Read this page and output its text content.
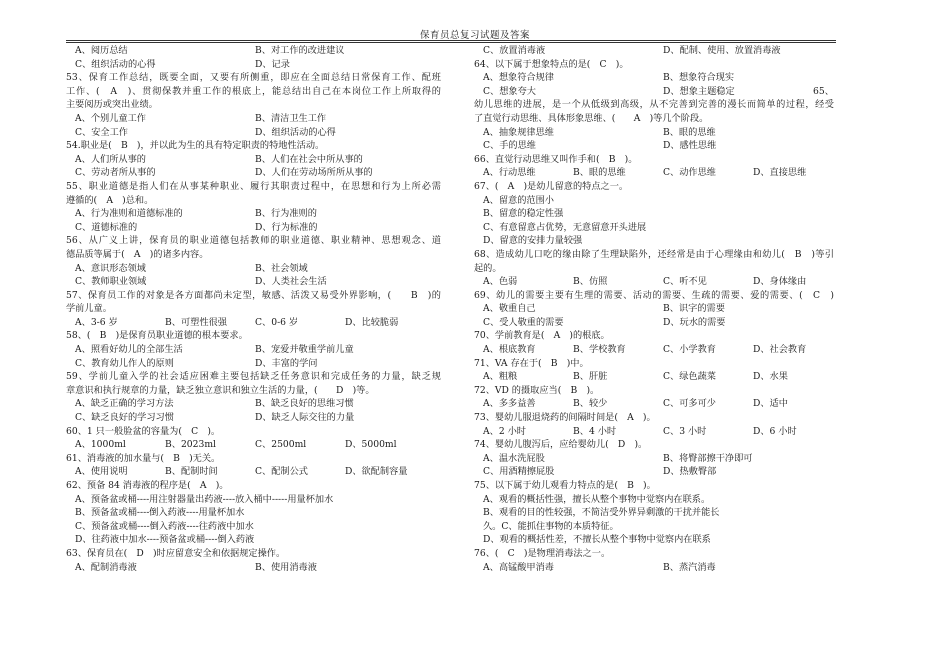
保育员总复习试题及答案
A、阅历总结	B、对工作的改进建议
C、组织活动的心得	D、记录
53、保育工作总结，既要全面，又要有所侧重，即应在全面总结日常保育工作、配班
工作、(　A　)、贯彻保教并重工作的根底上，能总结出自己在本岗位工作上所取得的
主要阅历或突出业绩。
A、个别儿童工作	B、清洁卫生工作
C、安全工作	D、组织活动的心得
54.职业是(　B　)，并以此为生的具有特定职责的特地性活动。
A、人们所从事的	B、人们在社会中所从事的
C、劳动者所从事的	D、人们在劳动场所所从事的
55、职业道德是指人们在从事某种职业、履行其职责过程中，在思想和行为上所必需
遵循的(　A　)总和。
A、行为准则和道德标准的	B、行为准则的
C、道德标准的	D、行为标准的
56、从广义上讲，保育员的职业道德包括教师的职业道德、职业精神、思想观念、道
德品质等属于(　A　)的诸多内容。
A、意识形态领域	B、社会领域
C、教师职业领域	D、人类社会生活
57、保育员工作的对象是各方面都尚未定型，敏感、活泼又易受外界影响，(　　B　)的
学前儿童。
A、3-6 岁	B、可塑性很强	C、0-6 岁	D、比较脆弱
58、(　B　)是保育员职业道德的根本要求。
A、照看好幼儿的全部生活	B、宠爱并敬重学前儿童
C、教育幼儿作人的原则	D、丰富的学问
59、学前儿童入学的社会适应困难主要包括缺乏任务意识和完成任务的力量，缺乏规
章意识和执行规章的力量，缺乏独立意识和独立生活的力量，(　　D　)等。
A、缺乏正确的学习方法	B、缺乏良好的思维习惯
C、缺乏良好的学习习惯	D、缺乏人际交往的力量
60、1 只一般脸盆的容量为(　C　)。
A、1000ml	B、2023ml	C、2500ml	D、5000ml
61、消毒液的加水量与(　B　)无关。
A、使用说明	B、配制时间	C、配制公式	D、欲配制容量
62、预备 84 消毒液的程序是(　A　)。
A、预备盆或桶----用注射器量出药液----放入桶中-----用量杯加水
B、预备盆或桶----倒入药液----用量杯加水
C、预备盆或桶----倒入药液----往药液中加水
D、往药液中加水----预备盆或桶----倒入药液
63、保育员在(　D　)时应留意安全和依据规定操作。
A、配制消毒液	B、使用消毒液
C、放置消毒液	D、配制、使用、放置消毒液
64、以下属于想象特点的是(　C　)。
A、想象符合规律	B、想象符合现实
C、想象夸大	D、想象主题稳定	65、
幼儿思维的进展，是一个从低级到高级，从不完善到完善的漫长而简单的过程，经受
了直觉行动思维、具体形象思维、(　　A　)等几个阶段。
A、抽象规律思维	B、眼的思维
C、手的思维	D、感性思维
66、直觉行动思维又叫作手和(　B　)。
A、行动思维	B、眼的思维	C、动作思维	D、直接思维
67、(　A　)是幼儿留意的特点之一。
A、留意的范围小
B、留意的稳定性强
C、有意留意占优势，无意留意开头进展
D、留意的安排力量较强
68、造成幼儿口吃的缘由除了生理缺陷外，还经常是由于心理缘由和幼儿(　B　)等引
起的。
A、色弱	B、仿照	C、听不见	D、身体缘由
69、幼儿的需要主要有生理的需要、活动的需要、生疏的需要、爱的需要、(　C　)
A、敬重自己	B、识字的需要
C、受人敬重的需要	D、玩水的需要
70、学前教育是(　A　)的根底。
A、根底教育	B、学校教育	C、小学教育	D、社会教育
71、VA 存在于(　B　)中。
A、粗粮	B、肝脏	C、绿色蔬菜	D、水果
72、VD 的摄取应当(　B　)。
A、多多益善	B、较少	C、可多可少	D、适中
73、婴幼儿服退烧药的间隔时间是(　A　)。
A、2 小时	B、4 小时	C、3 小时	D、6 小时
74、婴幼儿腹泻后，应给婴幼儿(　D　)。
A、温水洗屁股	B、将臀部擦干净即可
C、用酒精擦屁股	D、热敷臀部
75、以下属于幼儿观看力特点的是(　B　)。
A、观看的概括性强，擅长从整个事物中觉察内在联系。
B、观看的目的性较强，不简洁受外界异剩激的干扰并能长
久。C、能抓住事物的本质特征。
D、观看的概括性差，不擅长从整个事物中觉察内在联系
76、(　C　)是物理消毒法之一。
A、高锰酸甲消毒	B、蒸汽消毒
